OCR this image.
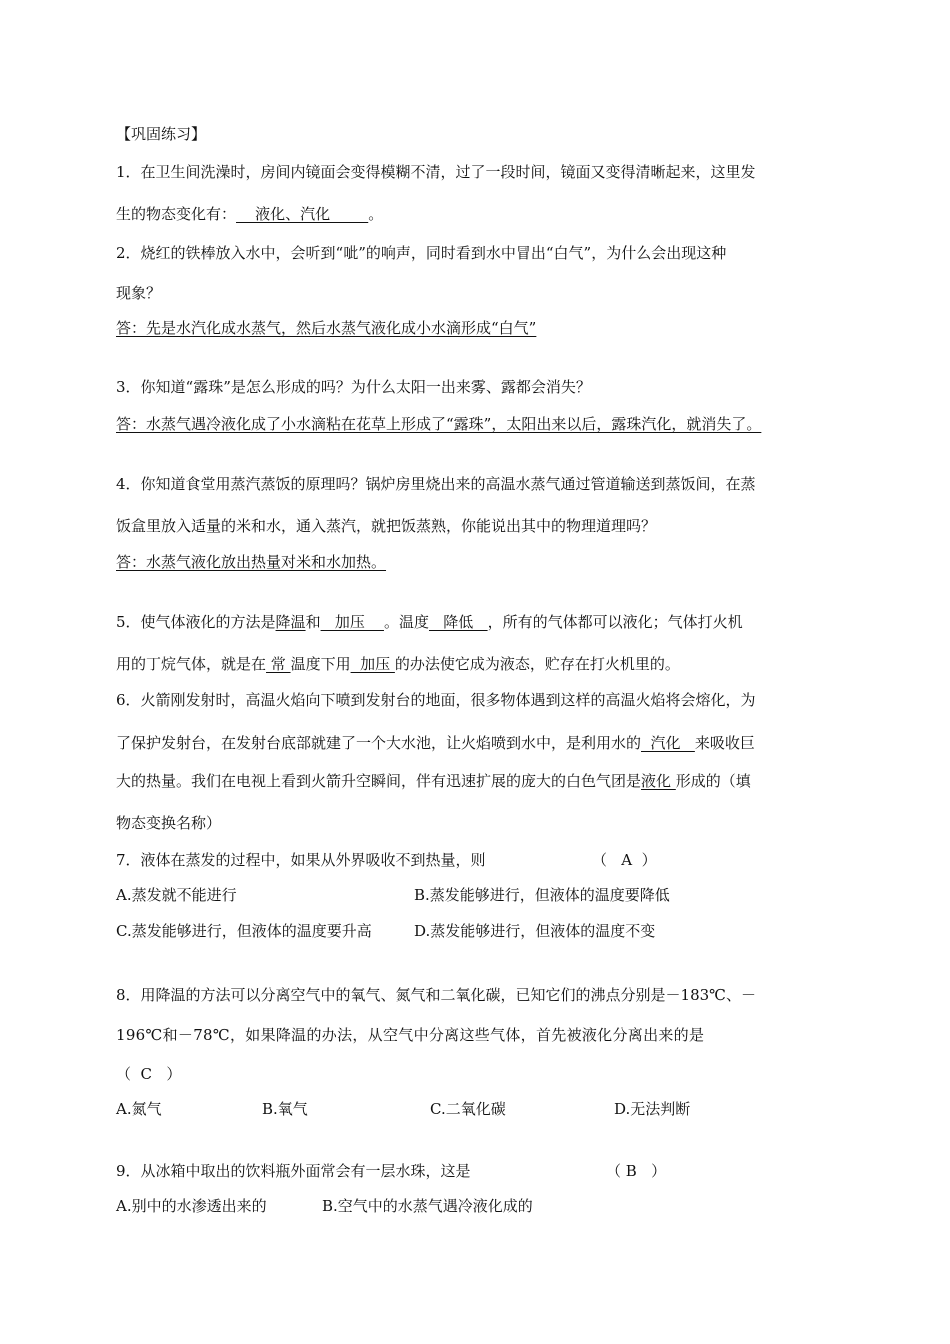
【巩固练习】
1．在卫生间洗澡时，房间内镜面会变得模糊不清，过了一段时间，镜面又变得清晰起来，这里发
生的物态变化有：    液化、汽化        。
2．烧红的铁棒放入水中，会听到“呲”的响声，同时看到水中冒出“白气”，为什么会出现这种
现象？
答：先是水汽化成水蒸气，然后水蒸气液化成小水滴形成“白气”
3．你知道“露珠”是怎么形成的吗？为什么太阳一出来雾、露都会消失？
答：水蒸气遇冷液化成了小水滴粘在花草上形成了“露珠”，太阳出来以后，露珠汽化，就消失了。
4．你知道食堂用蒸汽蒸饭的原理吗？锅炉房里烧出来的高温水蒸气通过管道输送到蒸饭间，在蒸
饭盒里放入适量的米和水，通入蒸汽，就把饭蒸熟，你能说出其中的物理道理吗？
答：水蒸气液化放出热量对米和水加热。
5．使气体液化的方法是降温和   加压    。温度   降低   ，所有的气体都可以液化；气体打火机
用的丁烷气体，就是在 常 温度下用  加压 的办法使它成为液态，贮存在打火机里的。
6．火箭刚发射时，高温火焰向下喷到发射台的地面，很多物体遇到这样的高温火焰将会熔化，为
了保护发射台，在发射台底部就建了一个大水池，让火焰喷到水中，是利用水的  汽化   来吸收巨
大的热量。我们在电视上看到火箭升空瞬间，伴有迅速扩展的庞大的白色气团是液化 形成的（填
物态变换名称）
7．液体在蒸发的过程中，如果从外界吸收不到热量，则	（   A  ）
A.蒸发就不能进行	B.蒸发能够进行，但液体的温度要降低
C.蒸发能够进行，但液体的温度要升高	D.蒸发能够进行，但液体的温度不变
8．用降温的方法可以分离空气中的氧气、氮气和二氧化碳，已知它们的沸点分别是－183℃、－
196℃和－78℃，如果降温的办法，从空气中分离这些气体，首先被液化分离出来的是
（  C   ）
A.氮气	B.氧气	C.二氧化碳	D.无法判断
9．从冰箱中取出的饮料瓶外面常会有一层水珠，这是	（ B   ）
A.别中的水渗透出来的	B.空气中的水蒸气遇冷液化成的
